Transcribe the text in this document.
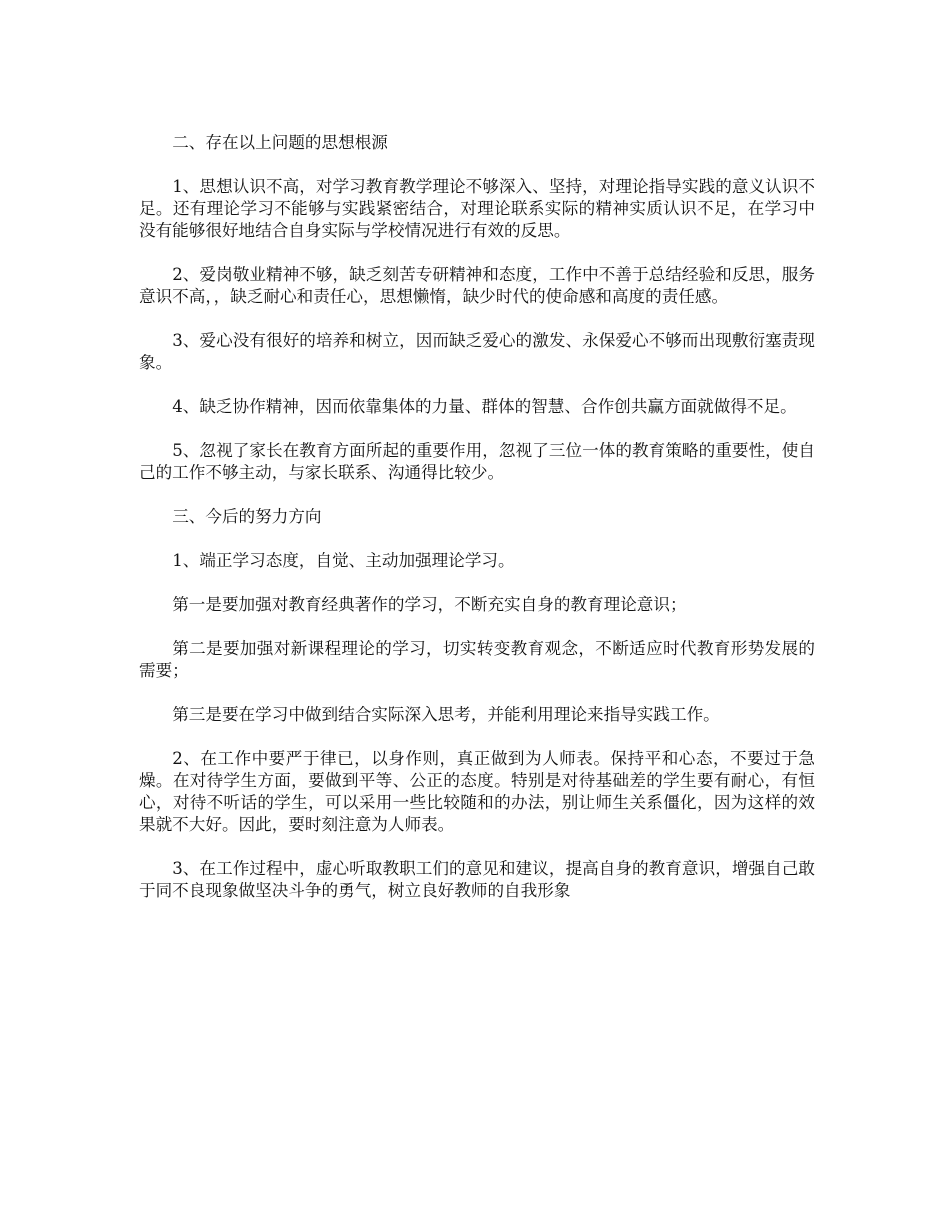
二、存在以上问题的思想根源

1、思想认识不高，对学习教育教学理论不够深入、坚持，对理论指导实践的意义认识不足。还有理论学习不能够与实践紧密结合，对理论联系实际的精神实质认识不足，在学习中没有能够很好地结合自身实际与学校情况进行有效的反思。

2、爱岗敬业精神不够，缺乏刻苦专研精神和态度，工作中不善于总结经验和反思，服务意识不高，，缺乏耐心和责任心，思想懒惰，缺少时代的使命感和高度的责任感。

3、爱心没有很好的培养和树立，因而缺乏爱心的激发、永保爱心不够而出现敷衍塞责现象。

4、缺乏协作精神，因而依靠集体的力量、群体的智慧、合作创共赢方面就做得不足。

5、忽视了家长在教育方面所起的重要作用，忽视了三位一体的教育策略的重要性，使自己的工作不够主动，与家长联系、沟通得比较少。

三、今后的努力方向

1、端正学习态度，自觉、主动加强理论学习。

第一是要加强对教育经典著作的学习，不断充实自身的教育理论意识；

第二是要加强对新课程理论的学习，切实转变教育观念，不断适应时代教育形势发展的需要；

第三是要在学习中做到结合实际深入思考，并能利用理论来指导实践工作。

2、在工作中要严于律已，以身作则，真正做到为人师表。保持平和心态，不要过于急燥。在对待学生方面，要做到平等、公正的态度。特别是对待基础差的学生要有耐心，有恒心，对待不听话的学生，可以采用一些比较随和的办法，别让师生关系僵化，因为这样的效果就不大好。因此，要时刻注意为人师表。

3、在工作过程中，虚心听取教职工们的意见和建议，提高自身的教育意识，增强自己敢于同不良现象做坚决斗争的勇气，树立良好教师的自我形象
